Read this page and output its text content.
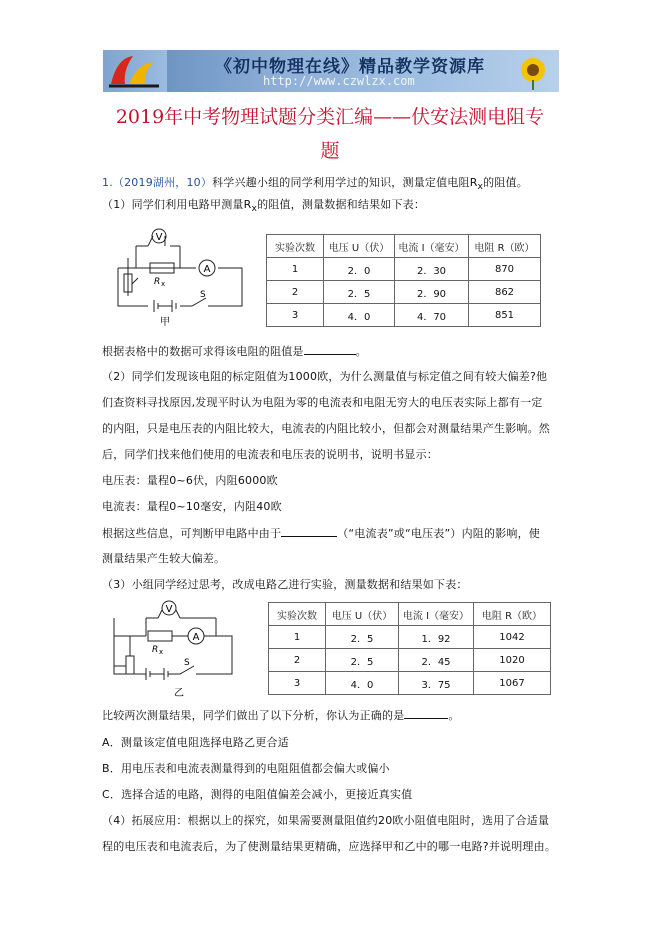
《初中物理在线》精品教学资源库
http://www.czwlzx.com
2019年中考物理试题分类汇编——伏安法测电阻专
题
1.（2019湖州，10）科学兴趣小组的同学利用学过的知识，测量定值电阻$R_x$的阻值。
（1）同学们利用电路甲测量$R_x$的阻值，测量数据和结果如下表：
V
A
R x
S
甲
实验次数	电压 U（伏）	电流 I（毫安）	电阻 R（欧）
1	2．0	2．30	870
2	2．5	2．90	862
3	4．0	4．70	851
根据表格中的数据可求得该电阻的阻值是	。
（2）同学们发现该电阻的标定阻值为1000欧，为什么测量值与标定值之间有较大偏差?他
们查资料寻找原因,发现平时认为电阻为零的电流表和电阻无穷大的电压表实际上都有一定
的内阻，只是电压表的内阻比较大，电流表的内阻比较小，但都会对测量结果产生影响。然
后，同学们找来他们使用的电流表和电压表的说明书，说明书显示：
电压表：量程0~6伏，内阻6000欧
电流表：量程0~10毫安，内阻40欧
根据这些信息，可判断甲电路中由于	（“电流表”或“电压表”）内阻的影响，使
测量结果产生较大偏差。
（3）小组同学经过思考，改成电路乙进行实验，测量数据和结果如下表：
V
A
R x
S
乙
实验次数	电压 U（伏）	电流 I（毫安）	电阻 R（欧）
1	2．5	1．92	1042
2	2．5	2．45	1020
3	4．0	3．75	1067
比较两次测量结果，同学们做出了以下分析，你认为正确的是	。
A．测量该定值电阻选择电路乙更合适
B．用电压表和电流表测量得到的电阻阻值都会偏大或偏小
C．选择合适的电路，测得的电阻值偏差会减小，更接近真实值
（4）拓展应用：根据以上的探究，如果需要测量阻值约20欧小阻值电阻时，选用了合适量
程的电压表和电流表后，为了使测量结果更精确，应选择甲和乙中的哪一电路?并说明理由。
